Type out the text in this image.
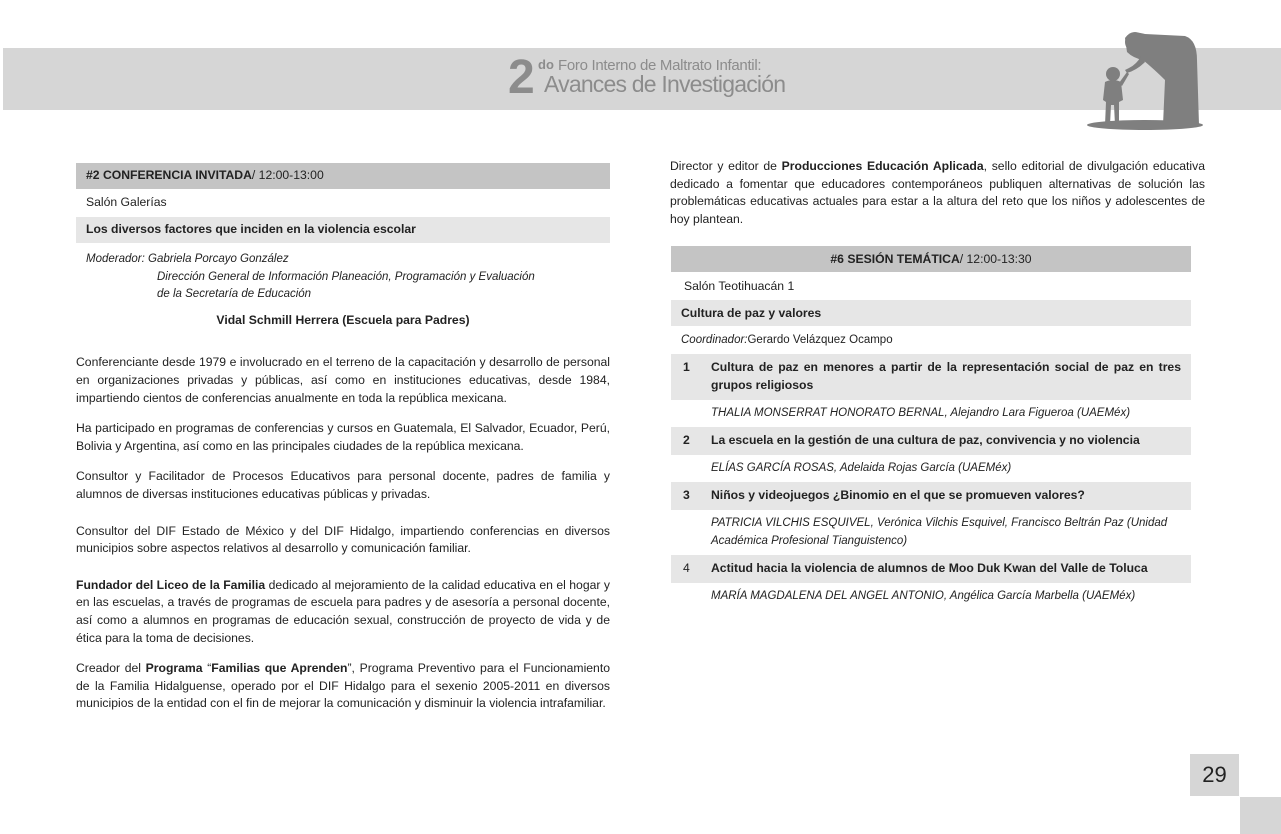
2 do Foro Interno de Maltrato Infantil:
Avances de Investigación
#2 CONFERENCIA INVITADA / 12:00-13:00
Salón Galerías
Los diversos factores que inciden en la violencia escolar
Moderador: Gabriela Porcayo González
Dirección General de Información Planeación, Programación y Evaluación
de la Secretaría de Educación
Vidal Schmill Herrera (Escuela para Padres)

Conferenciante desde 1979 e involucrado en el terreno de la capacitación y desarrollo de personal en organizaciones privadas y públicas, así como en instituciones educativas, desde 1984, impartiendo cientos de conferencias anualmente en toda la república mexicana.

Ha participado en programas de conferencias y cursos en Guatemala, El Salvador, Ecuador, Perú, Bolivia y Argentina, así como en las principales ciudades de la república mexicana.

Consultor y Facilitador de Procesos Educativos para personal docente, padres de familia y alumnos de diversas instituciones educativas públicas y privadas.

Consultor del DIF Estado de México y del DIF Hidalgo, impartiendo conferencias en diversos municipios sobre aspectos relativos al desarrollo y comunicación familiar.

Fundador del Liceo de la Familia dedicado al mejoramiento de la calidad educativa en el hogar y en las escuelas, a través de programas de escuela para padres y de asesoría a personal docente, así como a alumnos en programas de educación sexual, construcción de proyecto de vida y de ética para la toma de decisiones.

Creador del Programa “Familias que Aprenden”, Programa Preventivo para el Funcionamiento de la Familia Hidalguense, operado por el DIF Hidalgo para el sexenio 2005-2011 en diversos municipios de la entidad con el fin de mejorar la comunicación y disminuir la violencia intrafamiliar.

Director y editor de Producciones Educación Aplicada, sello editorial de divulgación educativa dedicado a fomentar que educadores contemporáneos publiquen alternativas de solución las problemáticas educativas actuales para estar a la altura del reto que los niños y adolescentes de hoy plantean.

#6 SESIÓN TEMÁTICA / 12:00-13:30
Salón Teotihuacán 1
Cultura de paz y valores
Coordinador: Gerardo Velázquez Ocampo
1	Cultura de paz en menores a partir de la representación social de paz en tres grupos religiosos
THALIA MONSERRAT HONORATO BERNAL, Alejandro Lara Figueroa (UAEMéx)
2	La escuela en la gestión de una cultura de paz, convivencia y no violencia
ELÍAS GARCÍA ROSAS, Adelaida Rojas García (UAEMéx)
3	Niños y videojuegos ¿Binomio en el que se promueven valores?
PATRICIA VILCHIS ESQUIVEL, Verónica Vilchis Esquivel, Francisco Beltrán Paz (Unidad Académica Profesional Tianguistenco)
4	Actitud hacia la violencia de alumnos de Moo Duk Kwan del Valle de Toluca
MARÍA MAGDALENA DEL ANGEL ANTONIO, Angélica García Marbella (UAEMéx)
29
